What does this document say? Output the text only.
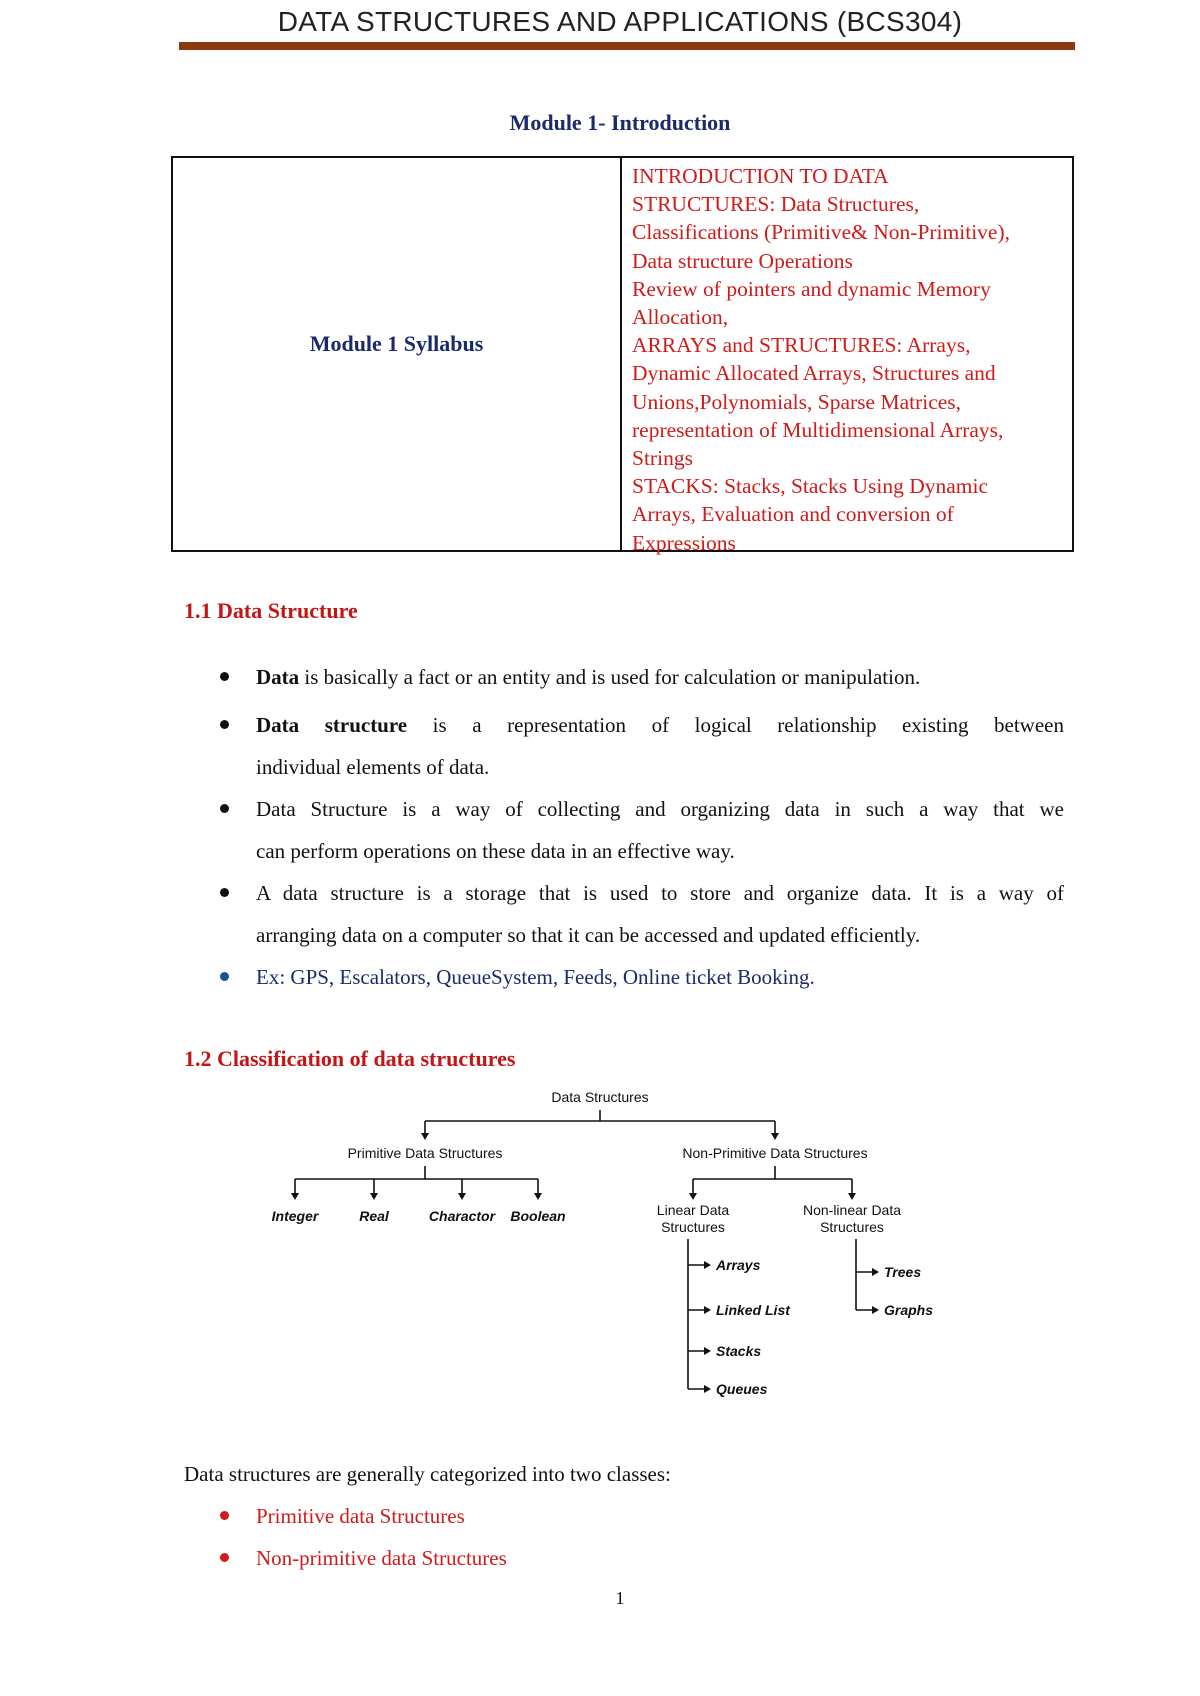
DATA STRUCTURES AND APPLICATIONS (BCS304)
Module 1- Introduction
Module 1 Syllabus
INTRODUCTION TO DATA
STRUCTURES: Data Structures,
Classifications (Primitive& Non-Primitive),
Data structure Operations
Review of pointers and dynamic Memory
Allocation,
ARRAYS and STRUCTURES: Arrays,
Dynamic Allocated Arrays, Structures and
Unions,Polynomials, Sparse Matrices,
representation of Multidimensional Arrays,
Strings
STACKS: Stacks, Stacks Using Dynamic
Arrays, Evaluation and conversion of
Expressions
1.1 Data Structure
Data is basically a fact or an entity and is used for calculation or manipulation.
Data structure is a representation of logical relationship existing between
individual elements of data.
Data Structure is a way of collecting and organizing data in such a way that we
can perform operations on these data in an effective way.
A data structure is a storage that is used to store and organize data. It is a way of
arranging data on a computer so that it can be accessed and updated efficiently.
Ex: GPS, Escalators, QueueSystem, Feeds, Online ticket Booking.
1.2 Classification of data structures
Data Structures
Primitive Data Structures	Non-Primitive Data Structures
Integer	Real	Charactor Boolean	Linear Data
Structures
Non-linear Data
Structures
Arrays
Linked List
Stacks
Queues
Trees
Graphs
Data structures are generally categorized into two classes:
Primitive data Structures
Non-primitive data Structures
1
